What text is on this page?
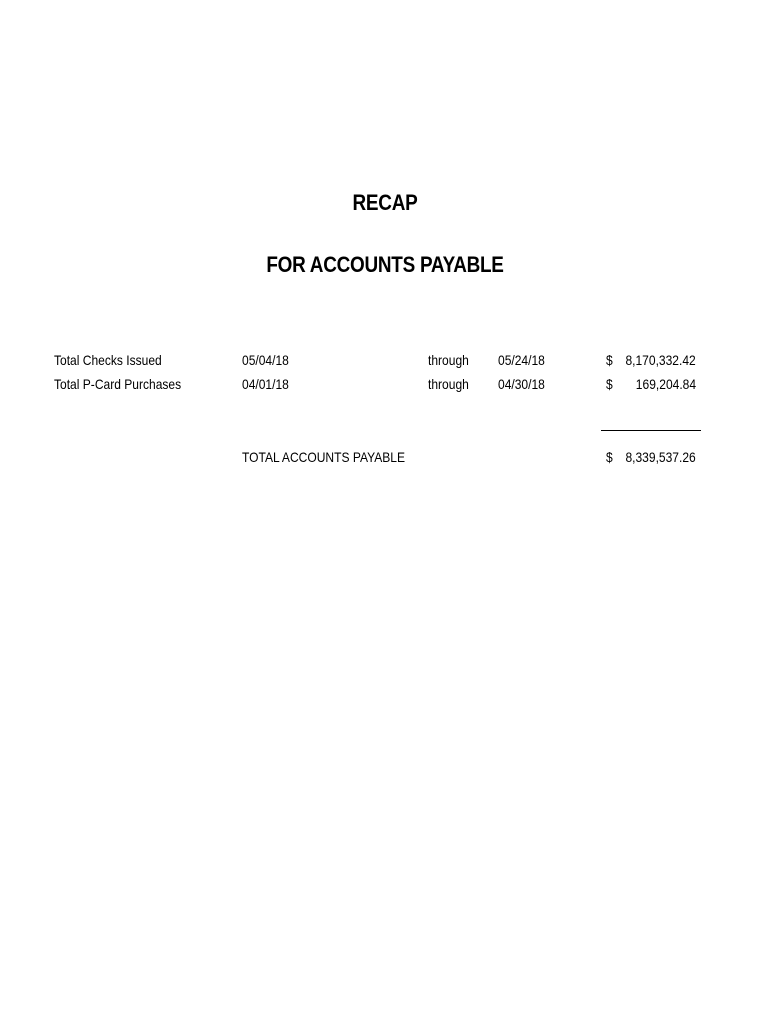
RECAP
FOR ACCOUNTS PAYABLE
Total Checks Issued	05/04/18	through 05/24/18	$ 8,170,332.42
Total P-Card Purchases	04/01/18	through 04/30/18	$ 169,204.84
TOTAL ACCOUNTS PAYABLE	$ 8,339,537.26
